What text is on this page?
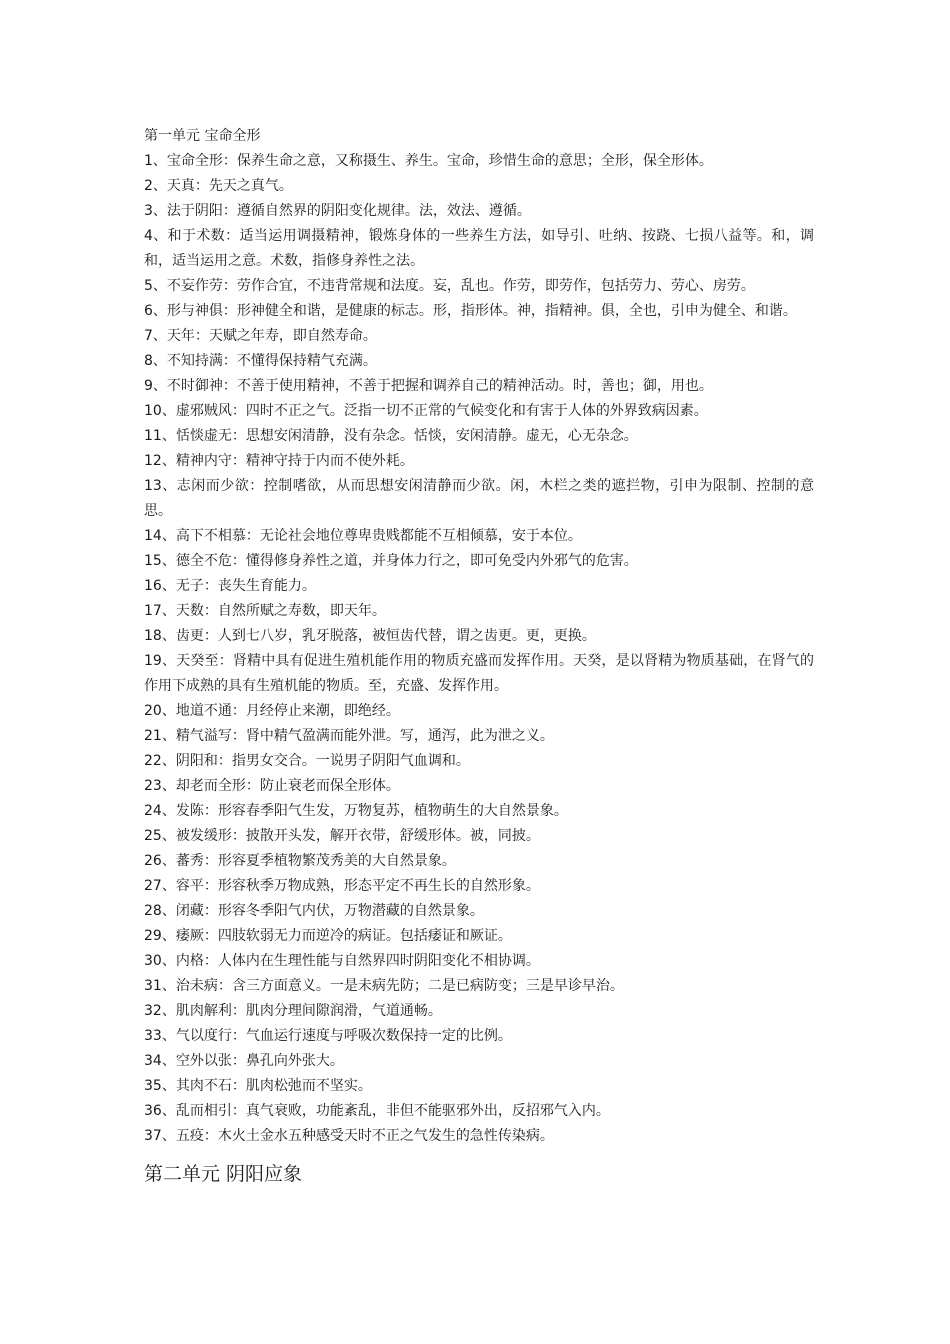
第一单元 宝命全形

1、宝命全形：保养生命之意，又称摄生、养生。宝命，珍惜生命的意思；全形，保全形体。
2、天真：先天之真气。
3、法于阴阳：遵循自然界的阴阳变化规律。法，效法、遵循。
4、和于术数：适当运用调摄精神，锻炼身体的一些养生方法，如导引、吐纳、按跷、七损八益等。和，调和，适当运用之意。术数，指修身养性之法。
5、不妄作劳：劳作合宜，不违背常规和法度。妄，乱也。作劳，即劳作，包括劳力、劳心、房劳。
6、形与神俱：形神健全和谐，是健康的标志。形，指形体。神，指精神。俱，全也，引申为健全、和谐。
7、天年：天赋之年寿，即自然寿命。
8、不知持满：不懂得保持精气充满。
9、不时御神：不善于使用精神，不善于把握和调养自己的精神活动。时，善也；御，用也。
10、虚邪贼风：四时不正之气。泛指一切不正常的气候变化和有害于人体的外界致病因素。
11、恬惔虚无：思想安闲清静，没有杂念。恬惔，安闲清静。虚无，心无杂念。
12、精神内守：精神守持于内而不使外耗。
13、志闲而少欲：控制嗜欲，从而思想安闲清静而少欲。闲，木栏之类的遮拦物，引申为限制、控制的意思。
14、高下不相慕：无论社会地位尊卑贵贱都能不互相倾慕，安于本位。
15、德全不危：懂得修身养性之道，并身体力行之，即可免受内外邪气的危害。
16、无子：丧失生育能力。
17、天数：自然所赋之寿数，即天年。
18、齿更：人到七八岁，乳牙脱落，被恒齿代替，谓之齿更。更，更换。
19、天癸至：肾精中具有促进生殖机能作用的物质充盛而发挥作用。天癸，是以肾精为物质基础，在肾气的作用下成熟的具有生殖机能的物质。至，充盛、发挥作用。
20、地道不通：月经停止来潮，即绝经。
21、精气溢写：肾中精气盈满而能外泄。写，通泻，此为泄之义。
22、阴阳和：指男女交合。一说男子阴阳气血调和。
23、却老而全形：防止衰老而保全形体。
24、发陈：形容春季阳气生发，万物复苏，植物萌生的大自然景象。
25、被发缓形：披散开头发，解开衣带，舒缓形体。被，同披。
26、蕃秀：形容夏季植物繁茂秀美的大自然景象。
27、容平：形容秋季万物成熟，形态平定不再生长的自然形象。
28、闭藏：形容冬季阳气内伏，万物潜藏的自然景象。
29、痿厥：四肢软弱无力而逆冷的病证。包括痿证和厥证。
30、内格：人体内在生理性能与自然界四时阴阳变化不相协调。
31、治未病：含三方面意义。一是未病先防；二是已病防变；三是早诊早治。
32、肌肉解利：肌肉分理间隙润滑，气道通畅。
33、气以度行：气血运行速度与呼吸次数保持一定的比例。
34、空外以张：鼻孔向外张大。
35、其肉不石：肌肉松弛而不坚实。
36、乱而相引：真气衰败，功能紊乱，非但不能驱邪外出，反招邪气入内。
37、五疫：木火土金水五种感受天时不正之气发生的急性传染病。
第二单元 阴阳应象
